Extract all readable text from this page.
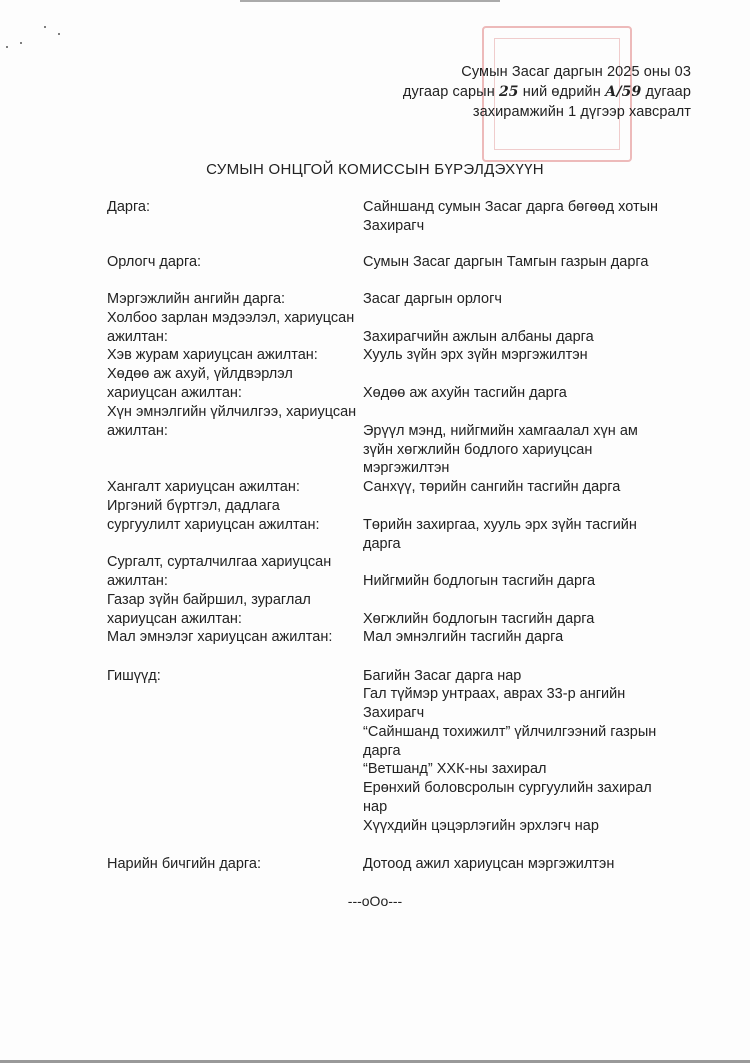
Сумын Засаг даргын 2025 оны 03
дугаар сарын 25 ний өдрийн А/59 дугаар
захирамжийн 1 дүгээр хавсралт
СУМЫН ОНЦГОЙ КОМИССЫН БҮРЭЛДЭХҮҮН
Дарга:	Сайншанд сумын Засаг дарга бөгөөд хотын Захирагч
Орлогч дарга:	Сумын Засаг даргын Тамгын газрын дарга
Мэргэжлийн ангийн дарга:	Засаг даргын орлогч
Холбоо зарлан мэдээлэл, хариуцсан ажилтан:	Захирагчийн ажлын албаны дарга
Хэв журам хариуцсан ажилтан:	Хууль зүйн эрх зүйн мэргэжилтэн
Хөдөө аж ахуй, үйлдвэрлэл хариуцсан ажилтан:	Хөдөө аж ахуйн тасгийн дарга
Хүн эмнэлгийн үйлчилгээ, хариуцсан ажилтан:	Эрүүл мэнд, нийгмийн хамгаалал хүн ам зүйн хөгжлийн бодлого хариуцсан мэргэжилтэн
Хангалт хариуцсан ажилтан:	Санхүү, төрийн сангийн тасгийн дарга
Иргэний бүртгэл, дадлага сургуулилт хариуцсан ажилтан:	Төрийн захиргаа, хууль эрх зүйн тасгийн дарга
Сургалт, сурталчилгаа хариуцсан ажилтан:	Нийгмийн бодлогын тасгийн дарга
Газар зүйн байршил, зураглал хариуцсан ажилтан:	Хөгжлийн бодлогын тасгийн дарга
Мал эмнэлэг хариуцсан ажилтан:	Мал эмнэлгийн тасгийн дарга
Гишүүд:	Багийн Засаг дарга нар
Гал түймэр унтраах, аврах 33-р ангийн Захирагч
“Сайншанд тохижилт” үйлчилгээний газрын дарга
“Ветшанд” ХХК-ны захирал
Ерөнхий боловсролын сургуулийн захирал нар
Хүүхдийн цэцэрлэгийн эрхлэгч нар
Нарийн бичгийн дарга:	Дотоод ажил хариуцсан мэргэжилтэн
---oOo---
